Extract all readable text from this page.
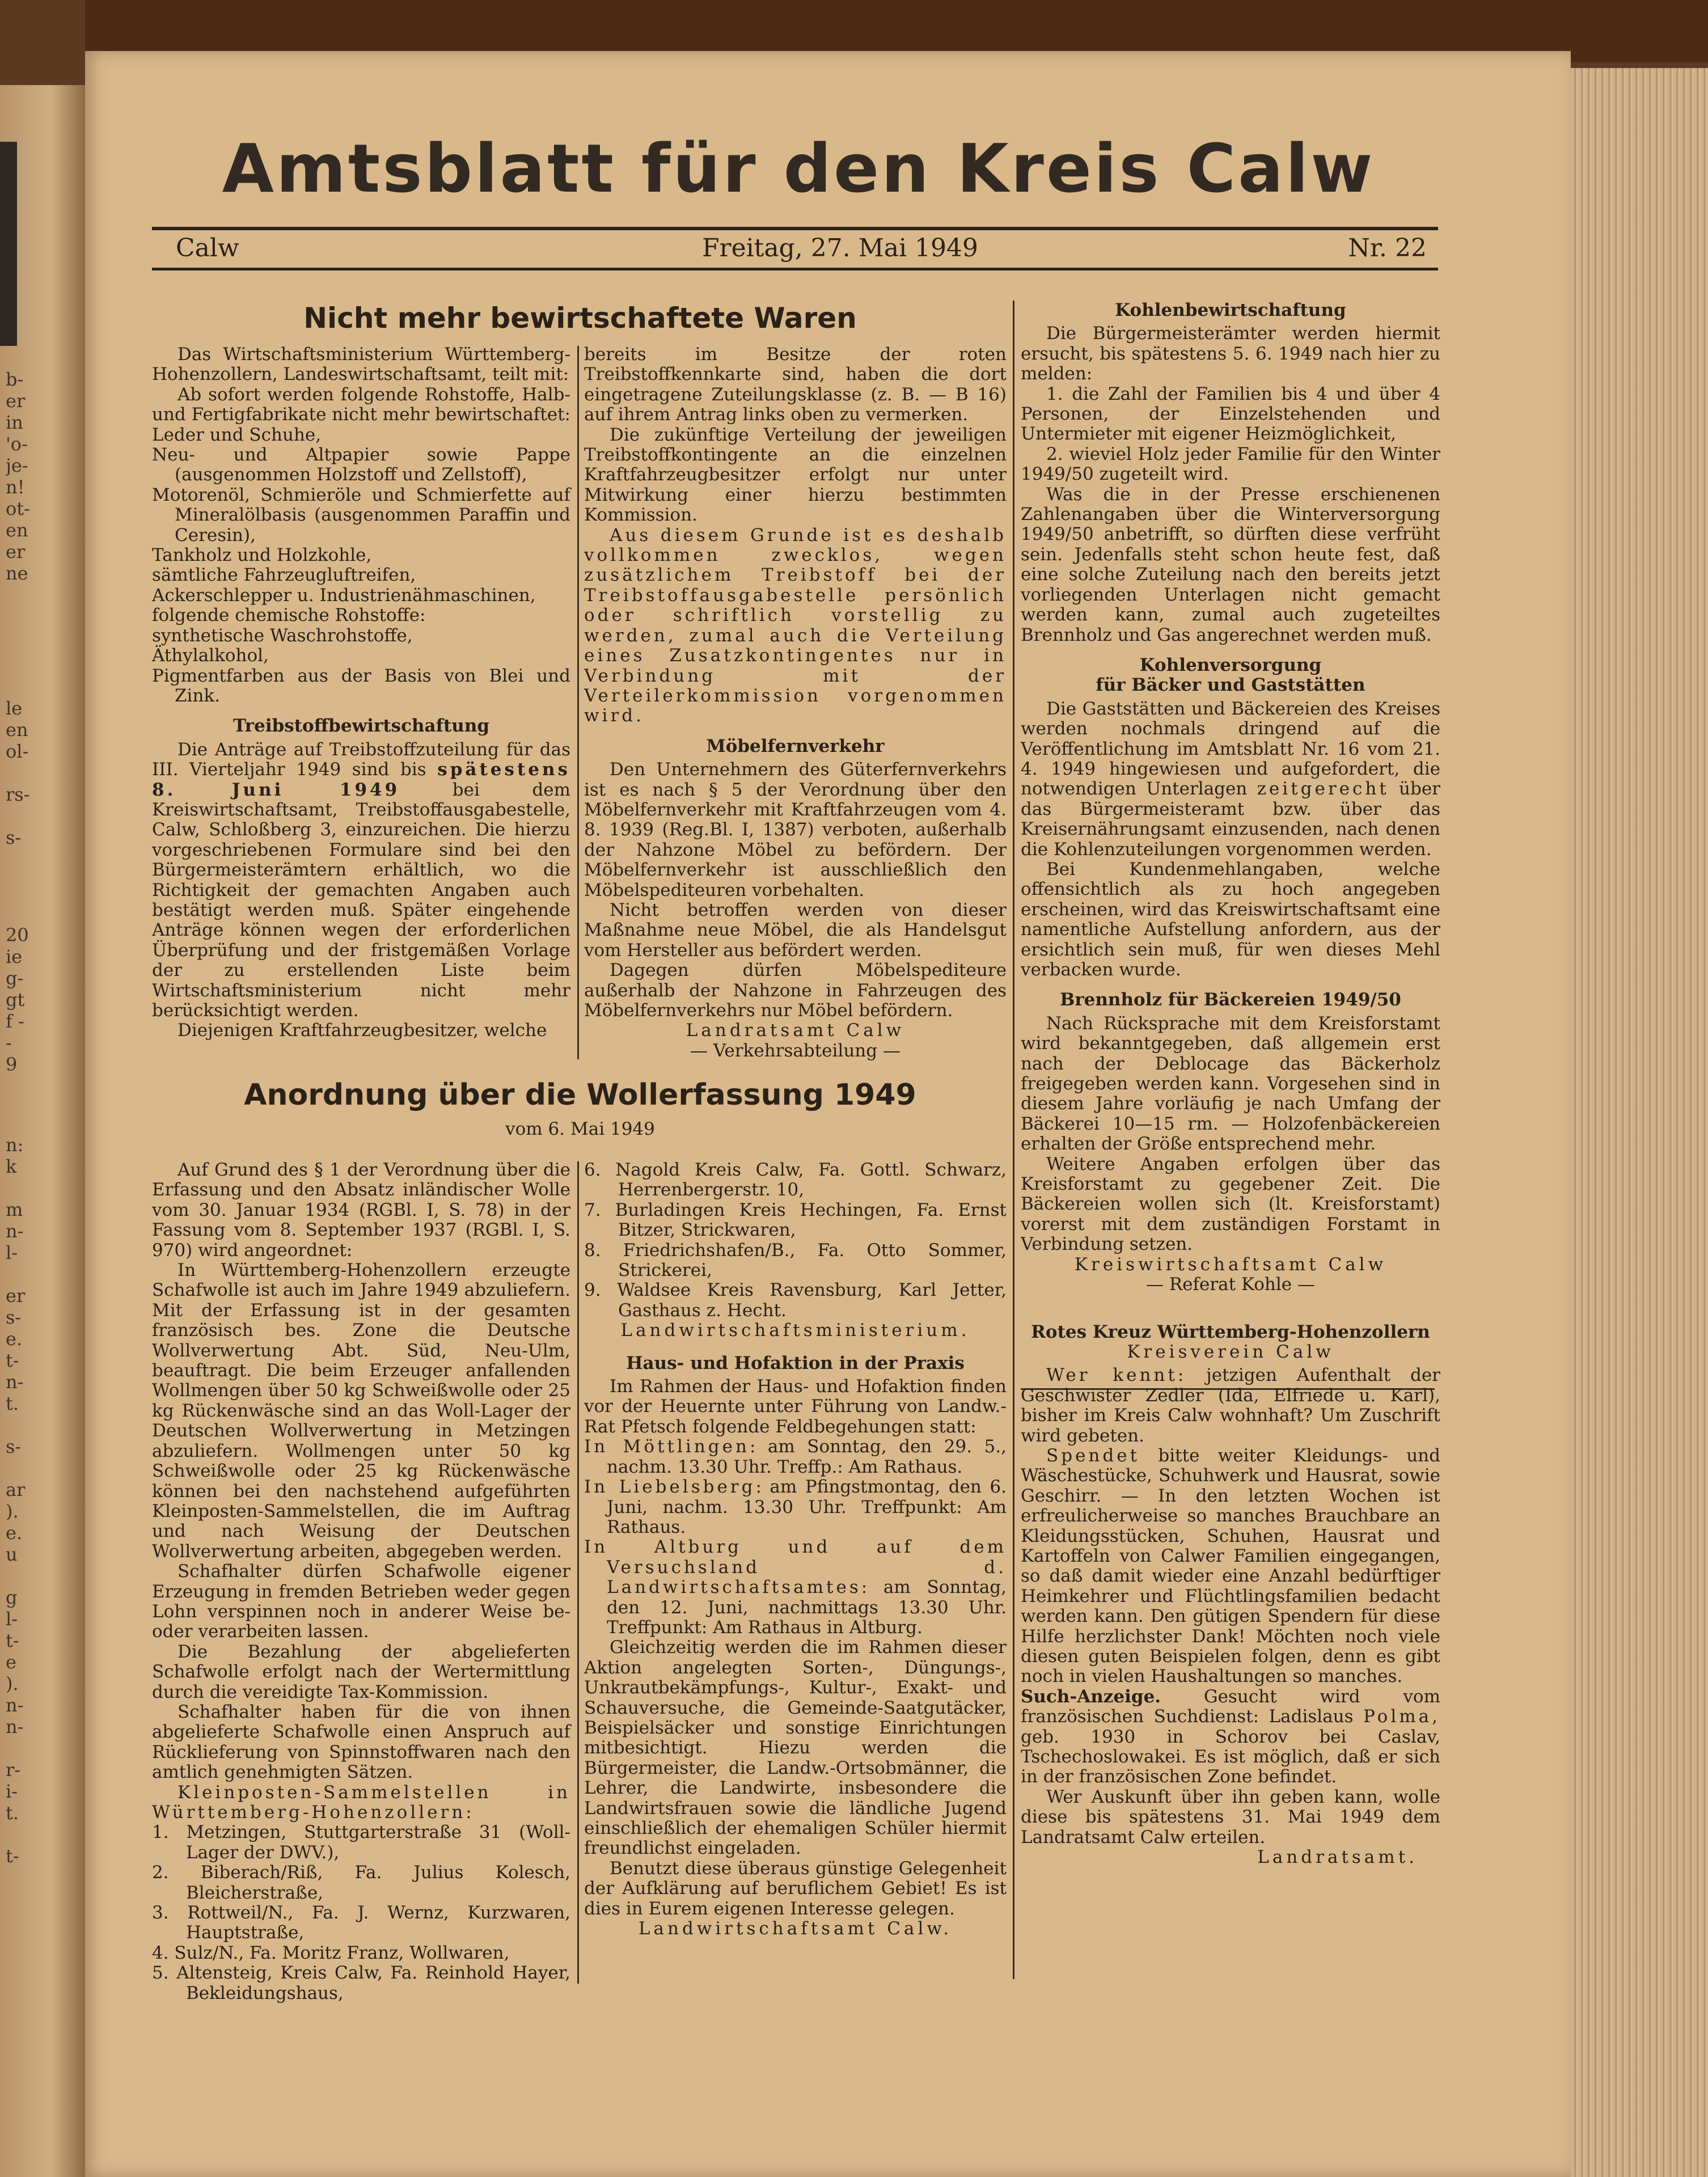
b-
er
in
'o-
je-
n!
ot-
en
er
ne
le
en
ol-

rs-

s-
20
ie
g-
gt
f -
-
9
n:
k

m
n-
l-

er
s-
e.
t-
n-
t.

s-

ar
).
e.
u

g
l-
t-
e
).
n-
n-

r-
i-
t.

t-
Amtsblatt für den Kreis Calw
Calw	Freitag, 27. Mai 1949	Nr. 22
Nicht mehr bewirtschaftete Waren

Das Wirtschaftsministerium Württemberg-Hohenzollern, Landeswirtschaftsamt, teilt mit:

Ab sofort werden folgende Rohstoffe, Halb- und Fertigfabrikate nicht mehr bewirtschaftet:

Leder und Schuhe,

Neu- und Altpapier sowie Pappe (ausgenommen Holzstoff und Zellstoff),

Motorenöl, Schmieröle und Schmierfette auf Mineralölbasis (ausgenommen Paraffin und Ceresin),

Tankholz und Holzkohle,

sämtliche Fahrzeugluftreifen,

Ackerschlepper u. Industrienähmaschinen,

folgende chemische Rohstoffe:

synthetische Waschrohstoffe,

Äthylalkohol,

Pigmentfarben aus der Basis von Blei und Zink.

Treibstoffbewirtschaftung

Die Anträge auf Treibstoffzuteilung für das III. Vierteljahr 1949 sind bis spätestens 8. Juni 1949	bei dem Kreiswirtschaftsamt, Treibstoffausgabestelle, Calw, Schloßberg 3, einzureichen. Die hierzu vorgeschriebenen Formulare sind bei den Bürgermeisterämtern erhältlich, wo die Richtigkeit der gemachten Angaben auch bestätigt werden muß. Später eingehende Anträge können wegen der erforderlichen Überprüfung und der fristgemäßen Vorlage der zu erstellenden Liste beim Wirtschaftsministerium nicht mehr berücksichtigt werden.

Diejenigen Kraftfahrzeugbesitzer, welche

bereits im Besitze der roten Treibstoffkennkarte sind, haben die dort eingetragene Zuteilungsklasse (z. B. — B 16) auf ihrem Antrag links oben zu vermerken.

Die zukünftige Verteilung der jeweiligen Treibstoffkontingente an die einzelnen Kraftfahrzeugbesitzer erfolgt nur unter Mitwirkung einer hierzu bestimmten Kommission.

Aus diesem Grunde ist es deshalb vollkommen zwecklos, wegen zusätzlichem Treibstoff bei der Treibstoffausgabestelle persönlich oder schriftlich vorstellig zu werden, zumal auch die Verteilung eines Zusatzkontingentes nur in Verbindung mit der Verteilerkommission vorgenommen wird.

Möbelfernverkehr

Den Unternehmern des Güterfernverkehrs ist es nach § 5 der Verordnung über den Möbelfernverkehr mit Kraftfahrzeugen vom 4. 8. 1939 (Reg.Bl. I, 1387) verboten, außerhalb der Nahzone Möbel zu befördern. Der Möbelfernverkehr ist ausschließlich den Möbelspediteuren vorbehalten.

Nicht betroffen werden von dieser Maßnahme neue Möbel, die als Handelsgut vom Hersteller aus befördert werden.

Dagegen dürfen Möbelspediteure außerhalb der Nahzone in Fahrzeugen des Möbelfernverkehrs nur Möbel befördern.

Landratsamt Calw

— Verkehrsabteilung —

Anordnung über die Wollerfassung 1949
vom 6. Mai 1949

Auf Grund des § 1 der Verordnung über die Erfassung und den Absatz inländischer Wolle vom 30. Januar 1934 (RGBl. I, S. 78) in der Fassung vom 8. September 1937 (RGBl. I, S. 970) wird angeordnet:

In Württemberg-Hohenzollern erzeugte Schafwolle ist auch im Jahre 1949 abzuliefern. Mit der Erfassung ist in der gesamten französisch bes. Zone die Deutsche Wollverwertung Abt. Süd, Neu-Ulm, beauftragt. Die beim Erzeuger anfallenden Wollmengen über 50 kg Schweißwolle oder 25 kg Rückenwäsche sind an das Woll-Lager der Deutschen Wollverwertung in Metzingen abzuliefern. Wollmengen unter 50 kg Schweißwolle oder 25 kg Rückenwäsche können bei den nachstehend aufgeführten Kleinposten-Sammelstellen, die im Auftrag und nach Weisung der Deutschen Wollverwertung arbeiten, abgegeben werden.

Schafhalter dürfen Schafwolle eigener Erzeugung in fremden Betrieben weder gegen Lohn verspinnen noch in anderer Weise be- oder verarbeiten lassen.

Die Bezahlung der abgelieferten Schafwolle erfolgt nach der Wertermittlung durch die vereidigte Tax-Kommission.

Schafhalter haben für die von ihnen abgelieferte Schafwolle einen Anspruch auf Rücklieferung von Spinnstoffwaren nach den amtlich genehmigten Sätzen.

Kleinposten-Sammelstellen in Württemberg-Hohenzollern:

1. Metzingen, Stuttgarterstraße 31 (Woll-Lager der DWV.),

2. Biberach/Riß, Fa. Julius Kolesch, Bleicherstraße,

3. Rottweil/N., Fa. J. Wernz, Kurzwaren, Hauptstraße,

4. Sulz/N., Fa. Moritz Franz, Wollwaren,

5. Altensteig, Kreis Calw, Fa. Reinhold Hayer, Bekleidungshaus,

6. Nagold Kreis Calw, Fa. Gottl. Schwarz, Herrenbergerstr. 10,

7. Burladingen Kreis Hechingen, Fa. Ernst Bitzer, Strickwaren,

8. Friedrichshafen/B., Fa. Otto Sommer, Strickerei,

9. Waldsee Kreis Ravensburg, Karl Jetter, Gasthaus z. Hecht.

Landwirtschaftsministerium.

Haus- und Hofaktion in der Praxis

Im Rahmen der Haus- und Hofaktion finden vor der Heuernte unter Führung von Landw.-Rat Pfetsch folgende Feldbegehungen statt:

In Möttlingen: am Sonntag, den 29. 5., nachm. 13.30 Uhr. Treffp.: Am Rathaus.

In Liebelsberg: am Pfingstmontag, den 6. Juni, nachm. 13.30 Uhr. Treffpunkt: Am Rathaus.

In Altburg und auf dem Versuchsland d. Landwirtschaftsamtes: am Sonntag, den 12. Juni, nachmittags 13.30 Uhr. Treffpunkt: Am Rathaus in Altburg.

Gleichzeitig werden die im Rahmen dieser Aktion angelegten Sorten-, Düngungs-, Unkrautbekämpfungs-, Kultur-, Exakt- und Schauversuche, die Gemeinde-Saatgutäcker, Beispielsäcker und sonstige Einrichtungen mitbesichtigt. Hiezu werden die Bürgermeister, die Landw.-Ortsobmänner, die Lehrer, die Landwirte, insbesondere die Landwirtsfrauen sowie die ländliche Jugend einschließlich der ehemaligen Schüler hiermit freundlichst eingeladen.

Benutzt diese überaus günstige Gelegenheit der Aufklärung auf beruflichem Gebiet! Es ist dies in Eurem eigenen Interesse gelegen.

Landwirtschaftsamt Calw.

Kohlenbewirtschaftung

Die Bürgermeisterämter werden hiermit ersucht, bis spätestens 5. 6. 1949 nach hier zu melden:

1. die Zahl der Familien bis 4 und über 4 Personen, der Einzelstehenden und Untermieter mit eigener Heizmöglichkeit,

2. wieviel Holz jeder Familie für den Winter 1949/50 zugeteilt wird.

Was die in der Presse erschienenen Zahlenangaben über die Winterversorgung 1949/50 anbetrifft, so dürften diese verfrüht sein. Jedenfalls steht schon heute fest, daß eine solche Zuteilung nach den bereits jetzt vorliegenden Unterlagen nicht gemacht werden kann, zumal auch zugeteiltes Brennholz und Gas angerechnet werden muß.

Kohlenversorgung

für Bäcker und Gaststätten

Die Gaststätten und Bäckereien des Kreises werden nochmals dringend auf die Veröffentlichung im Amtsblatt Nr. 16 vom 21. 4. 1949 hingewiesen und aufgefordert, die notwendigen Unterlagen zeitgerecht über das Bürgermeisteramt bzw. über das Kreisernährungsamt einzusenden, nach denen die Kohlenzuteilungen vorgenommen werden.

Bei Kundenmehlangaben, welche offensichtlich als zu hoch angegeben erscheinen, wird das Kreiswirtschaftsamt eine namentliche Aufstellung anfordern, aus der ersichtlich sein muß, für wen dieses Mehl verbacken wurde.

Brennholz für Bäckereien 1949/50

Nach Rücksprache mit dem Kreisforstamt wird bekanntgegeben, daß allgemein erst nach der Deblocage das Bäckerholz freigegeben werden kann. Vorgesehen sind in diesem Jahre vorläufig je nach Umfang der Bäckerei 10—15 rm. — Holzofenbäckereien erhalten der Größe entsprechend mehr.

Weitere Angaben erfolgen über das Kreisforstamt zu gegebener Zeit. Die Bäckereien wollen sich (lt. Kreisforstamt) vorerst mit dem zuständigen Forstamt in Verbindung setzen.

Kreiswirtschaftsamt Calw

— Referat Kohle —

Rotes Kreuz Württemberg-Hohenzollern

Kreisverein Calw

Wer kennt: jetzigen Aufenthalt der Geschwister Zedler (Ida, Elfriede u. Karl), bisher im Kreis Calw wohnhaft? Um Zuschrift wird gebeten.

Spendet bitte weiter Kleidungs- und Wäschestücke, Schuhwerk und Hausrat, sowie Geschirr. — In den letzten Wochen ist erfreulicherweise so manches Brauchbare an Kleidungsstücken, Schuhen, Hausrat und Kartoffeln von Calwer Familien eingegangen, so daß damit wieder eine Anzahl bedürftiger Heimkehrer und Flüchtlingsfamilien bedacht werden kann. Den gütigen Spendern für diese Hilfe herzlichster Dank! Möchten noch viele diesen guten Beispielen folgen, denn es gibt noch in vielen Haushaltungen so manches.

Such-Anzeige. Gesucht wird vom französischen Suchdienst: Ladislaus Polma, geb. 1930 in Schorov bei Caslav, Tschechoslowakei. Es ist möglich, daß er sich in der französischen Zone befindet.

Wer Auskunft über ihn geben kann, wolle diese bis spätestens 31. Mai 1949 dem Landratsamt Calw erteilen.

Landratsamt.
